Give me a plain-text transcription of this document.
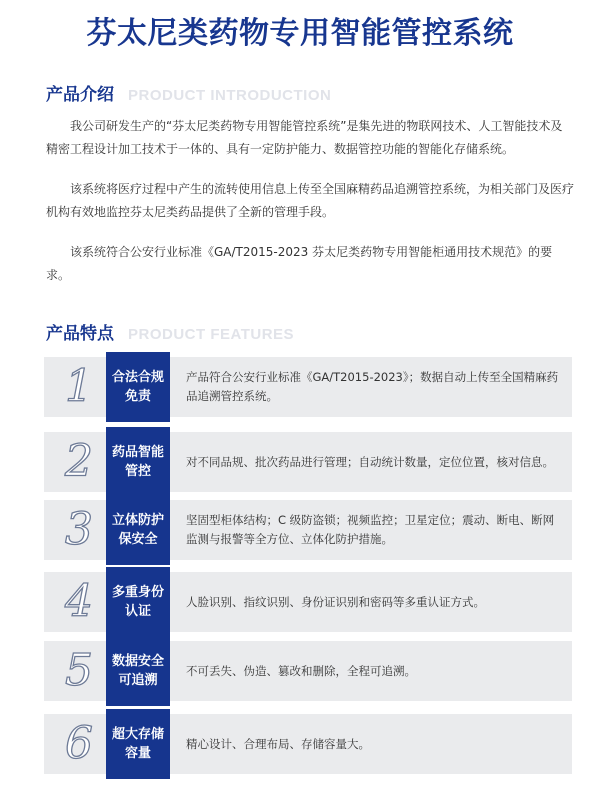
芬太尼类药物专用智能管控系统
产品介绍 PRODUCT INTRODUCTION

我公司研发生产的“芬太尼类药物专用智能管控系统”是集先进的物联网技术、人工智能技术及精密工程设计加工技术于一体的、具有一定防护能力、数据管控功能的智能化存储系统。

该系统将医疗过程中产生的流转使用信息上传至全国麻精药品追溯管控系统，为相关部门及医疗机构有效地监控芬太尼类药品提供了全新的管理手段。

该系统符合公安行业标准《GA/T2015-2023 芬太尼类药物专用智能柜通用技术规范》的要求。

产品特点 PRODUCT FEATURES
1	合法合规免责
产品符合公安行业标准《GA/T2015-2023》；数据自动上传至全国精麻药品追溯管控系统。
2	药品智能管控
对不同品规、批次药品进行管理；自动统计数量，定位位置，核对信息。
3	立体防护保安全
坚固型柜体结构；C 级防盗锁；视频监控；卫星定位；震动、断电、断网监测与报警等全方位、立体化防护措施。
4	多重身份认证
人脸识别、指纹识别、身份证识别和密码等多重认证方式。
5	数据安全可追溯
不可丢失、伪造、篡改和删除，全程可追溯。
6	超大存储容量
精心设计、合理布局、存储容量大。
